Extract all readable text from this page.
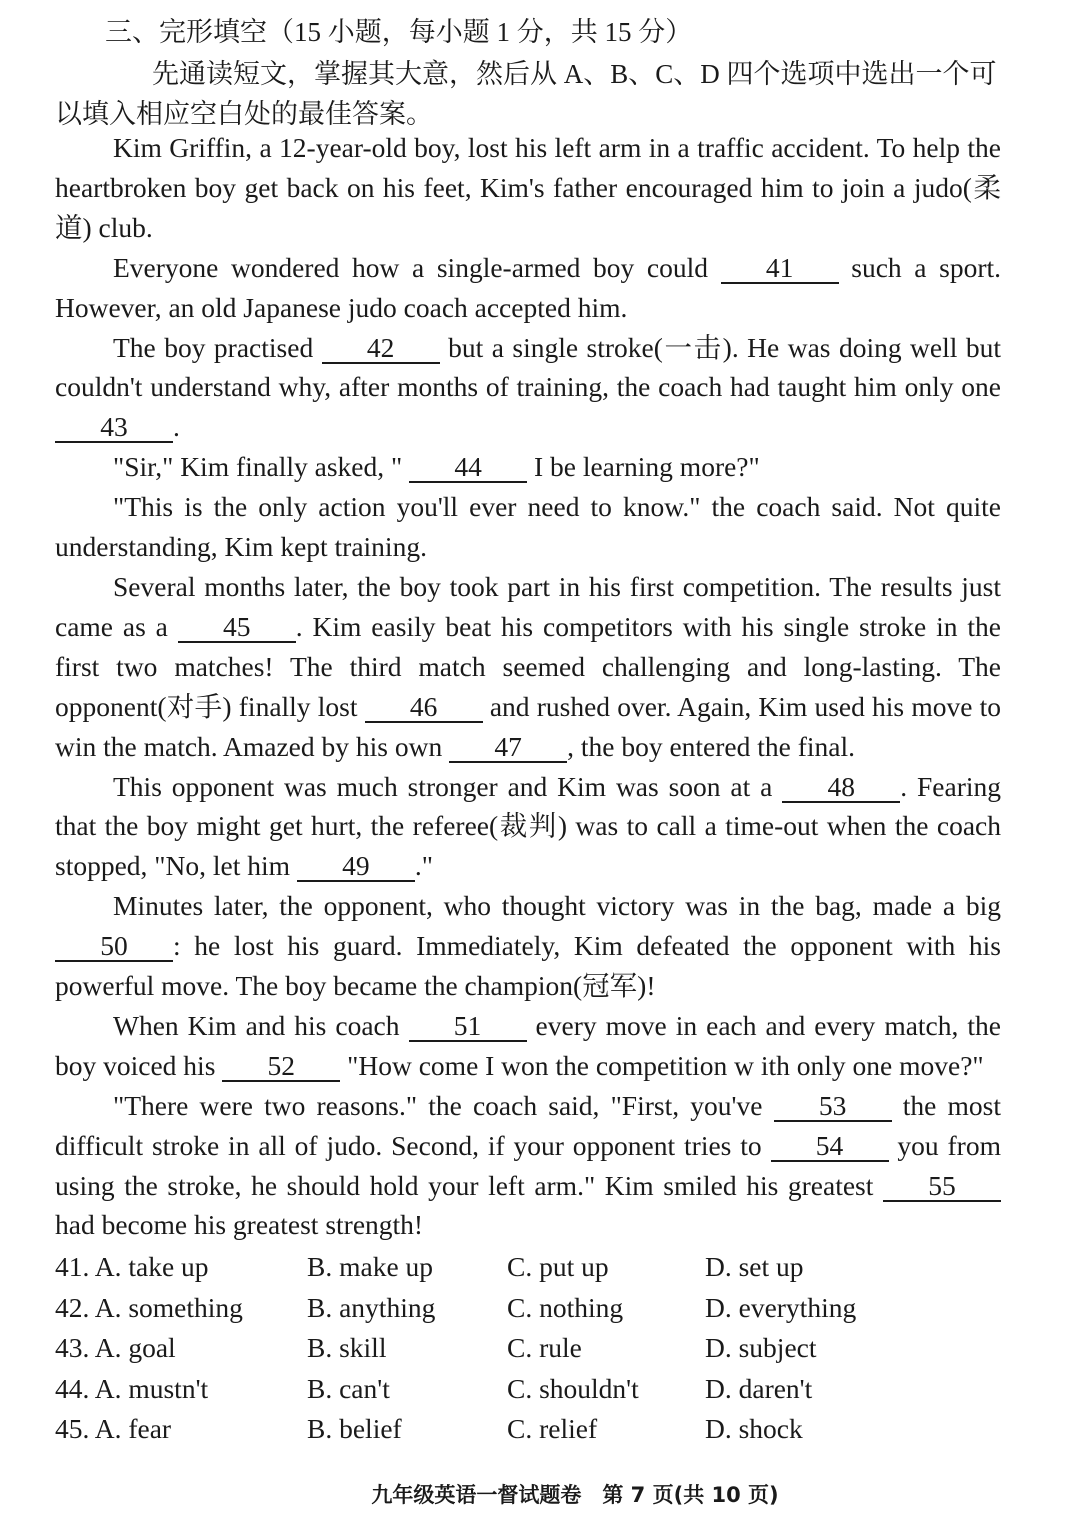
三、完形填空（15 小题，每小题 1 分，共 15 分）
先通读短文，掌握其大意，然后从 A、B、C、D 四个选项中选出一个可以填入相应空白处的最佳答案。

Kim Griffin, a 12-year-old boy, lost his left arm in a traffic accident. To help the heartbroken boy get back on his feet, Kim's father encouraged him to join a judo(柔道) club.

Everyone wondered how a single-armed boy could 41 such a sport. However, an old Japanese judo coach accepted him.

The boy practised 42 but a single stroke(一击). He was doing well but couldn't understand why, after months of training, the coach had taught him only one 43 .

"Sir," Kim finally asked, " 44 I be learning more?"

"This is the only action you'll ever need to know." the coach said. Not quite understanding, Kim kept training.

Several months later, the boy took part in his first competition. The results just came as a 45 . Kim easily beat his competitors with his single stroke in the first two matches! The third match seemed challenging and long-lasting. The opponent(对手) finally lost 46 and rushed over. Again, Kim used his move to win the match. Amazed by his own 47 , the boy entered the final.

This opponent was much stronger and Kim was soon at a 48 . Fearing that the boy might get hurt, the referee(裁判) was to call a time-out when the coach stopped, "No, let him 49 ."

Minutes later, the opponent, who thought victory was in the bag, made a big 50 : he lost his guard. Immediately, Kim defeated the opponent with his powerful move. The boy became the champion(冠军)!

When Kim and his coach 51 every move in each and every match, the boy voiced his 52 "How come I won the competition w ith only one move?"

"There were two reasons." the coach said, "First, you've 53 the most difficult stroke in all of judo. Second, if your opponent tries to 54 you from using the stroke, he should hold your left arm." Kim smiled his greatest 55 had become his greatest strength!

41. A. take up	B. make up	C. put up	D. set up
42. A. something	B. anything	C. nothing	D. everything
43. A. goal	B. skill	C. rule	D. subject
44. A. mustn't	B. can't	C. shouldn't	D. daren't
45. A. fear	B. belief	C. relief	D. shock
九年级英语一督试题卷　第 7 页(共 10 页)
